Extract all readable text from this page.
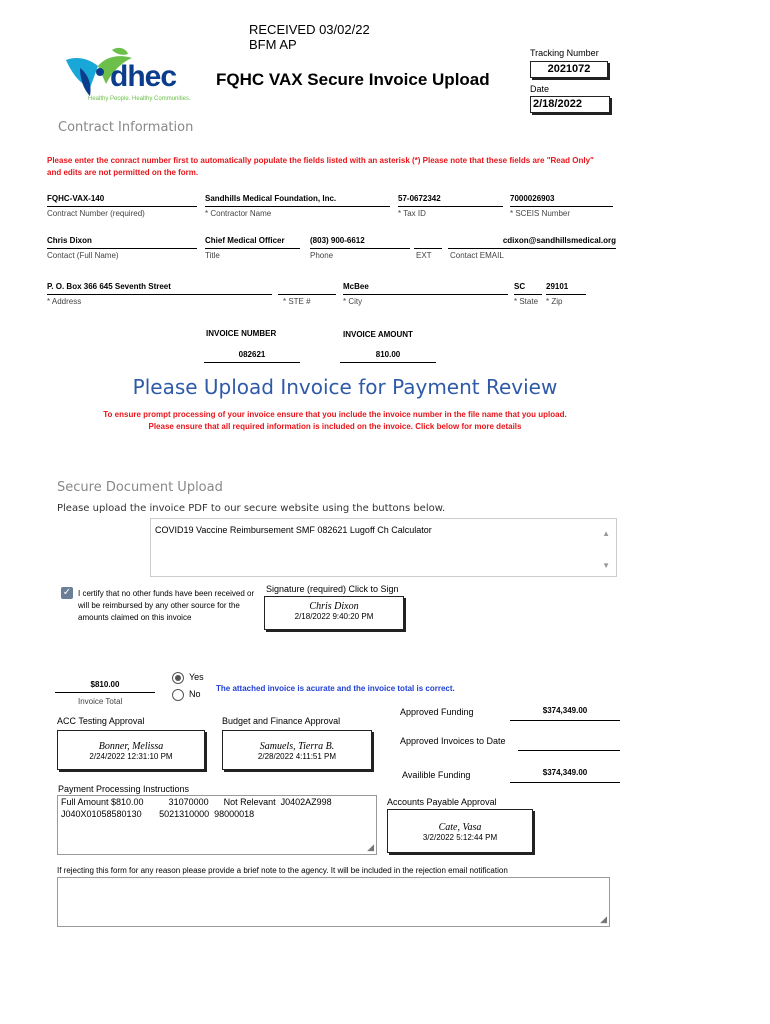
RECEIVED 03/02/22
BFM AP
dhec
Healthy People. Healthy Communities.
FQHC VAX Secure Invoice Upload
Tracking Number
2021072
Date
2/18/2022
Contract Information
Please enter the conract number first to automatically populate the fields listed with an asterisk (*) Please note that these fields are "Read Only" and edits are not permitted on the form.
FQHC-VAX-140
Contract Number (required)
Sandhills Medical Foundation, Inc.
* Contractor Name
57-0672342
* Tax ID
7000026903
* SCEIS Number
Chris Dixon
Contact (Full Name)
Chief Medical Officer
Title
(803) 900-6612
Phone	EXT
cdixon@sandhillsmedical.org
Contact EMAIL
P. O. Box 366 645 Seventh Street
* Address	* STE #
McBee
* City
SC
* State
29101
* Zip
INVOICE NUMBER
082621
INVOICE AMOUNT
810.00
Please Upload Invoice for Payment Review
To ensure prompt processing of your invoice ensure that you include the invoice number in the file name that you upload.
Please ensure that all required information is included on the invoice. Click below for more details
Secure Document Upload
Please upload the invoice PDF to our secure website using the buttons below.
COVID19 Vaccine Reimbursement SMF 082621 Lugoff Ch Calculator	▲
▼
✓ I certify that no other funds have been received or will be reimbursed by any other source for the amounts claimed on this invoice
Signature (required) Click to Sign
Chris Dixon
2/18/2022 9:40:20 PM
$810.00
Invoice Total
Yes
No
The attached invoice is acurate and the invoice total is correct.
ACC Testing Approval
Bonner, Melissa
2/24/2022 12:31:10 PM
Budget and Finance Approval
Samuels, Tierra B.
2/28/2022 4:11:51 PM
Approved Funding	$374,349.00
Approved Invoices to Date
Availible Funding	$374,349.00
Payment Processing Instructions
Full Amount $810.00          31070000      Not Relevant  J0402AZ998
J040X01058580130       5021310000  98000018
◢
Accounts Payable Approval
Cate, Vasa
3/2/2022 5:12:44 PM
If rejecting this form for any reason please provide a brief note to the agency. It will be included in the rejection email notification
◢
